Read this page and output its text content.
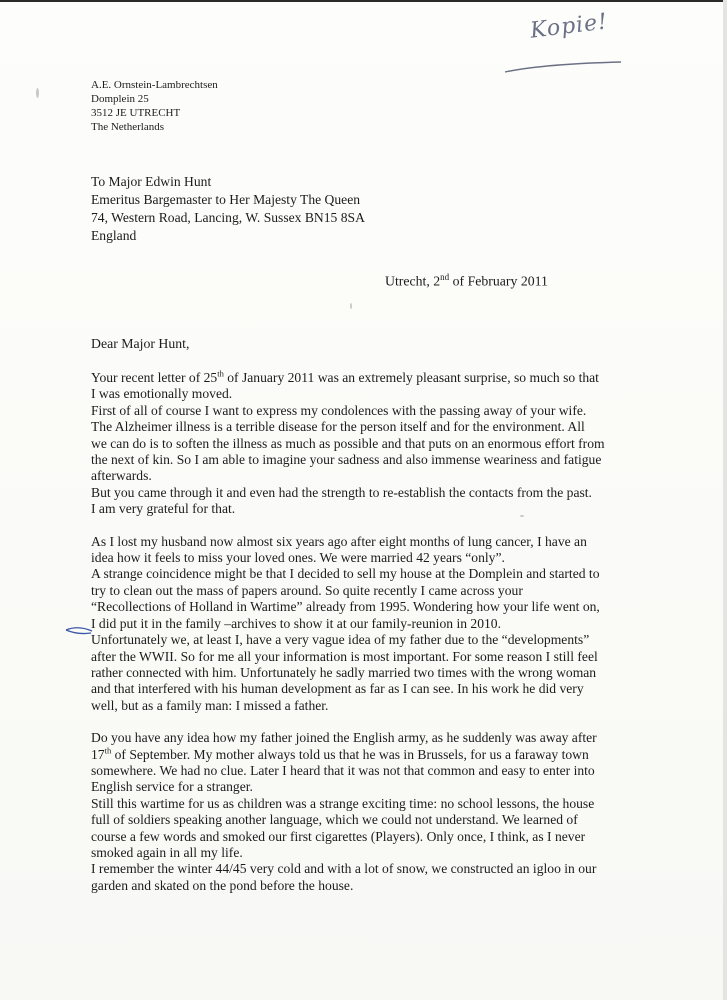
Kopie!
A.E. Ornstein-Lambrechtsen
Domplein 25
3512 JE UTRECHT
The Netherlands
To Major Edwin Hunt
Emeritus Bargemaster to Her Majesty The Queen
74, Western Road, Lancing, W. Sussex BN15 8SA
England
Utrecht, 2nd of February 2011
Dear Major Hunt,

Your recent letter of 25th of January 2011 was an extremely pleasant surprise, so much so that
I was emotionally moved.
First of all of course I want to express my condolences with the passing away of your wife.
The Alzheimer illness is a terrible disease for the person itself and for the environment. All
we can do is to soften the illness as much as possible and that puts on an enormous effort from
the next of kin. So I am able to imagine your sadness and also immense weariness and fatigue
afterwards.
But you came through it and even had the strength to re-establish the contacts from the past.
I am very grateful for that.

As I lost my husband now almost six years ago after eight months of lung cancer, I have an
idea how it feels to miss your loved ones. We were married 42 years “only”.
A strange coincidence might be that I decided to sell my house at the Domplein and started to
try to clean out the mass of papers around. So quite recently I came across your
“Recollections of Holland in Wartime” already from 1995. Wondering how your life went on,
I did put it in the family –archives to show it at our family-reunion in 2010.
Unfortunately we, at least I, have a very vague idea of my father due to the “developments”
after the WWII. So for me all your information is most important. For some reason I still feel
rather connected with him. Unfortunately he sadly married two times with the wrong woman
and that interfered with his human development as far as I can see. In his work he did very
well, but as a family man: I missed a father.

Do you have any idea how my father joined the English army, as he suddenly was away after
17th of September. My mother always told us that he was in Brussels, for us a faraway town
somewhere. We had no clue. Later I heard that it was not that common and easy to enter into
English service for a stranger.
Still this wartime for us as children was a strange exciting time: no school lessons, the house
full of soldiers speaking another language, which we could not understand. We learned of
course a few words and smoked our first cigarettes (Players). Only once, I think, as I never
smoked again in all my life.
I remember the winter 44/45 very cold and with a lot of snow, we constructed an igloo in our
garden and skated on the pond before the house.
